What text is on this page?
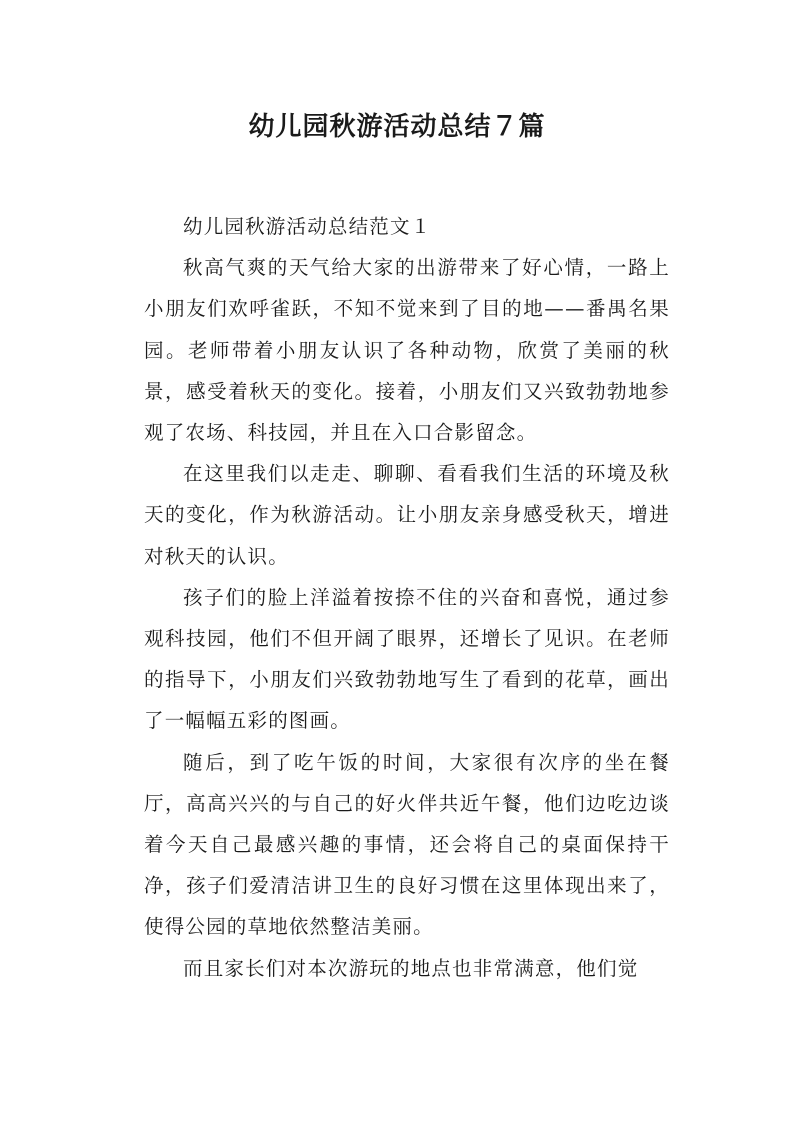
幼儿园秋游活动总结７篇

幼儿园秋游活动总结范文１

秋高气爽的天气给大家的出游带来了好心情，一路上小朋友们欢呼雀跃，不知不觉来到了目的地——番禺名果园。老师带着小朋友认识了各种动物，欣赏了美丽的秋景，感受着秋天的变化。接着，小朋友们又兴致勃勃地参观了农场、科技园，并且在入口合影留念。

在这里我们以走走、聊聊、看看我们生活的环境及秋天的变化，作为秋游活动。让小朋友亲身感受秋天，增进对秋天的认识。

孩子们的脸上洋溢着按捺不住的兴奋和喜悦，通过参观科技园，他们不但开阔了眼界，还增长了见识。在老师的指导下，小朋友们兴致勃勃地写生了看到的花草，画出了一幅幅五彩的图画。

随后，到了吃午饭的时间，大家很有次序的坐在餐厅，高高兴兴的与自己的好火伴共近午餐，他们边吃边谈着今天自己最感兴趣的事情，还会将自己的桌面保持干净，孩子们爱清洁讲卫生的良好习惯在这里体现出来了，使得公园的草地依然整洁美丽。

而且家长们对本次游玩的地点也非常满意，他们觉
